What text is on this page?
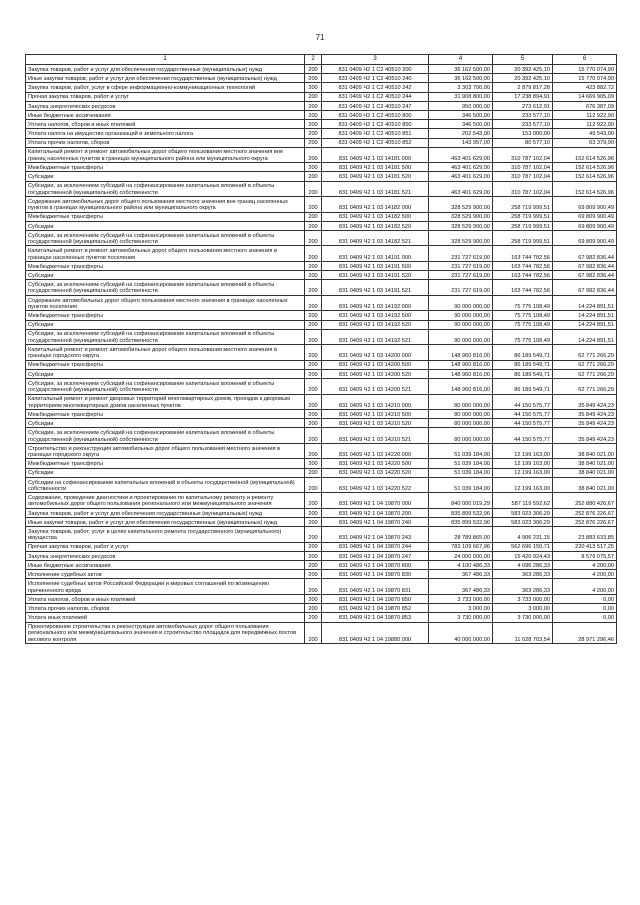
71
1	2	3	4	5	6
Закупка товаров, работ и услуг для обеспечения государственных (муниципальных) нужд	200	831 0409 Ч2 1 С2 40510 200	36 162 500,00	20 392 425,10	15 770 074,90
Иные закупки товаров, работ и услуг для обеспечения государственных (муниципальных) нужд	200	831 0409 Ч2 1 С2 40510 240	36 162 500,00	20 392 425,10	15 770 074,90
Закупка товаров, работ, услуг в сфере информационно-коммуникационных технологий	200	831 0409 Ч2 1 С2 40510 242	3 303 700,00	2 879 817,28	423 882,72
Прочая закупка товаров, работ и услуг	200	831 0409 Ч2 1 С2 40510 244	31 908 800,00	17 238 894,91	14 669 905,09
Закупка энергетических ресурсов	200	831 0409 Ч2 1 С2 40510 247	950 000,00	273 612,91	676 387,09
Иные бюджетные ассигнования	200	831 0409 Ч2 1 С2 40510 800	346 500,00	233 577,10	112 922,90
Уплата налогов, сборов и иных платежей	200	831 0409 Ч2 1 С2 40510 850	346 500,00	233 577,10	112 922,90
Уплата налога на имущество организаций и земельного налога	200	831 0409 Ч2 1 С2 40510 851	202 543,00	153 000,00	49 543,00
Уплата прочих налогов, сборов	200	831 0409 Ч2 1 С2 40510 852	143 957,00	80 577,10	63 379,90
Капитальный ремонт и ремонт автомобильных дорог общего пользования местного значения вне границ населенных пунктов в границах муниципального района или муниципального округа	200	831 0409 Ч2 1 03 14181 000	463 401 629,00	310 787 102,04	152 614 526,96
Межбюджетные трансферты	200	831 0409 Ч2 1 03 14181 500	463 401 629,00	310 787 102,04	152 614 526,96
Субсидии	200	831 0409 Ч2 1 03 14181 520	463 401 629,00	310 787 102,04	152 614 526,96
Субсидии, за исключением субсидий на софинансирование капитальных вложений в объекты государственной (муниципальной) собственности	200	831 0409 Ч2 1 03 14181 521	463 401 629,00	310 787 102,04	152 614 526,96
Содержание автомобильных дорог общего пользования местного значения вне границ населенных пунктов в границах муниципального района или муниципального округа	200	831 0409 Ч2 1 03 14182 000	328 529 900,00	258 719 999,51	69 809 900,49
Межбюджетные трансферты	200	831 0409 Ч2 1 03 14182 500	328 529 900,00	258 719 999,51	69 809 900,49
Субсидии	200	831 0409 Ч2 1 03 14182 520	328 529 900,00	258 719 999,51	69 809 900,49
Субсидии, за исключением субсидий на софинансирование капитальных вложений в объекты государственной (муниципальной) собственности	200	831 0409 Ч2 1 03 14182 521	328 529 900,00	258 719 999,51	69 809 900,49
Капитальный ремонт и ремонт автомобильных дорог общего пользования местного значения в границах населенных пунктов поселения	200	831 0409 Ч2 1 03 14191 000	231 727 619,00	163 744 782,56	67 982 836,44
Межбюджетные трансферты	200	831 0409 Ч2 1 03 14191 500	231 727 619,00	163 744 782,56	67 982 836,44
Субсидии	200	831 0409 Ч2 1 03 14191 520	231 727 619,00	163 744 782,56	67 982 836,44
Субсидии, за исключением субсидий на софинансирование капитальных вложений в объекты государственной (муниципальной) собственности	200	831 0409 Ч2 1 03 14191 521	231 727 619,00	163 744 782,56	67 982 836,44
Содержание автомобильных дорог общего пользования местного значения в границах населенных пунктов поселения	200	831 0409 Ч2 1 03 14192 000	90 000 000,00	75 775 108,49	14 224 891,51
Межбюджетные трансферты	200	831 0409 Ч2 1 03 14192 500	90 000 000,00	75 775 108,49	14 224 891,51
Субсидии	200	831 0409 Ч2 1 03 14192 520	90 000 000,00	75 775 108,49	14 224 891,51
Субсидии, за исключением субсидий на софинансирование капитальных вложений в объекты государственной (муниципальной) собственности	200	831 0409 Ч2 1 03 14192 521	90 000 000,00	75 775 108,49	14 224 891,51
Капитальный ремонт и ремонт автомобильных дорог общего пользования местного значения в границах городского округа	200	831 0409 Ч2 1 03 14200 000	148 960 816,00	86 189 549,71	62 771 266,29
Межбюджетные трансферты	200	831 0409 Ч2 1 03 14200 500	148 960 816,00	86 189 549,71	62 771 266,29
Субсидии	200	831 0409 Ч2 1 03 14200 520	148 960 816,00	86 189 549,71	62 771 266,29
Субсидии, за исключением субсидий на софинансирование капитальных вложений в объекты государственной (муниципальной) собственности	200	831 0409 Ч2 1 03 14200 521	148 960 816,00	86 189 549,71	62 771 266,29
Капитальный ремонт и ремонт дворовых территорий многоквартирных домов, проездов к дворовым территориям многоквартирных домов населенных пунктов	200	831 0409 Ч2 1 03 14210 000	80 000 000,00	44 150 575,77	35 849 424,23
Межбюджетные трансферты	200	831 0409 Ч2 1 03 14210 500	80 000 000,00	44 150 575,77	35 849 424,23
Субсидии	200	831 0409 Ч2 1 03 14210 520	80 000 000,00	44 150 575,77	35 849 424,23
Субсидии, за исключением субсидий на софинансирование капитальных вложений в объекты государственной (муниципальной) собственности	200	831 0409 Ч2 1 03 14210 521	80 000 000,00	44 150 575,77	35 849 424,23
Строительство и реконструкция автомобильных дорог общего пользования местного значения в границах городского округа	200	831 0409 Ч2 1 03 14220 000	51 039 184,00	12 199 163,00	38 840 021,00
Межбюджетные трансферты	200	831 0409 Ч2 1 03 14220 500	51 039 184,00	12 199 163,00	38 840 021,00
Субсидии	200	831 0409 Ч2 1 03 14220 520	51 039 184,00	12 199 163,00	38 840 021,00
Субсидии на софинансирование капитальных вложений в объекты государственной (муниципальной) собственности	200	831 0409 Ч2 1 03 14220 522	51 039 184,00	12 199 163,00	38 840 021,00
Содержание, проведение диагностики и проектирование по капитальному ремонту и ремонту автомобильных дорог общего пользования регионального или межмуниципального значения	200	831 0409 Ч2 1 04 19870 000	840 000 019,29	587 119 592,62	252 880 426,67
Закупка товаров, работ и услуг для обеспечения государственных (муниципальных) нужд	200	831 0409 Ч2 1 04 19870 200	835 899 532,96	583 023 306,29	252 876 226,67
Иные закупки товаров, работ и услуг для обеспечения государственных (муниципальных) нужд	200	831 0409 Ч2 1 04 19870 240	835 899 532,96	583 023 306,29	252 876 226,67
Закупка товаров, работ, услуг в целях капитального ремонта государственного (муниципального) имущества	200	831 0409 Ч2 1 04 19870 243	28 789 865,00	4 906 231,15	23 883 633,85
Прочая закупка товаров, работ и услуг	200	831 0409 Ч2 1 04 19870 244	783 109 667,96	562 696 150,71	220 413 517,25
Закупка энергетических ресурсов	200	831 0409 Ч2 1 04 19870 247	24 000 000,00	15 420 924,43	8 579 075,57
Иные бюджетные ассигнования	200	831 0409 Ч2 1 04 19870 800	4 100 486,33	4 096 286,33	4 200,00
Исполнение судебных актов	200	831 0409 Ч2 1 04 19870 830	367 486,33	363 286,33	4 200,00
Исполнение судебных актов Российской Федерации и мировых соглашений по возмещению причиненного вреда	200	831 0409 Ч2 1 04 19870 831	367 486,33	363 286,33	4 200,00
Уплата налогов, сборов и иных платежей	200	831 0409 Ч2 1 04 19870 850	3 733 000,00	3 733 000,00	0,00
Уплата прочих налогов, сборов	200	831 0409 Ч2 1 04 19870 852	3 000,00	3 000,00	0,00
Уплата иных платежей	200	831 0409 Ч2 1 04 19870 853	3 730 000,00	3 730 000,00	0,00
Проектирование строительства и реконструкции автомобильных дорог общего пользования регионального или межмуниципального значения и строительство площадок для передвижных постов весового контроля	200	831 0409 Ч2 1 04 19880 000	40 000 000,00	11 028 703,54	28 971 296,46
